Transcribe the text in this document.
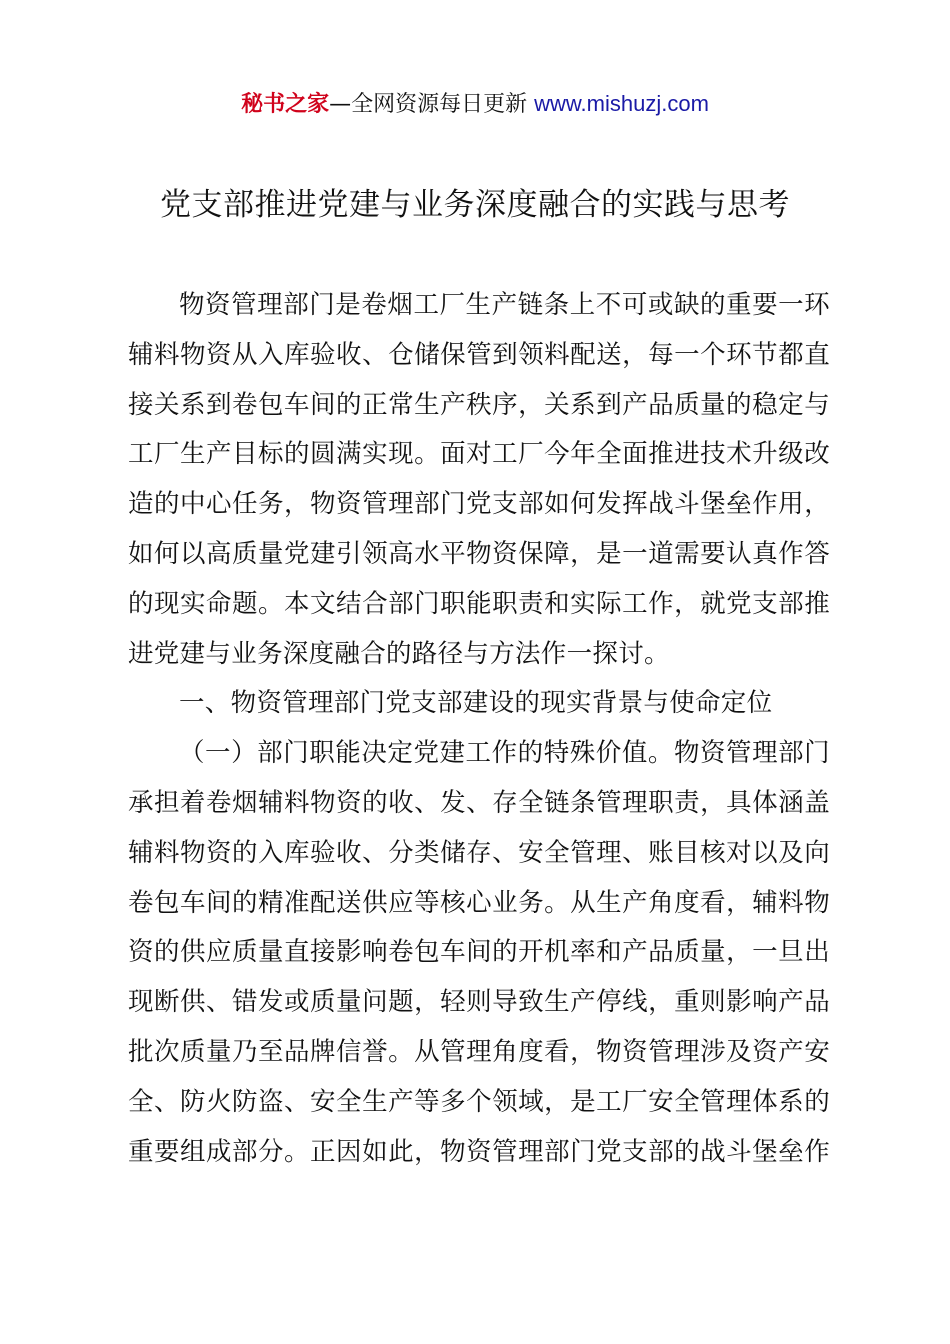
秘书之家—全网资源每日更新 www.mishuzj.com
党支部推进党建与业务深度融合的实践与思考
物资管理部门是卷烟工厂生产链条上不可或缺的重要一环
辅料物资从入库验收、仓储保管到领料配送，每一个环节都直
接关系到卷包车间的正常生产秩序，关系到产品质量的稳定与
工厂生产目标的圆满实现。面对工厂今年全面推进技术升级改
造的中心任务，物资管理部门党支部如何发挥战斗堡垒作用，
如何以高质量党建引领高水平物资保障，是一道需要认真作答
的现实命题。本文结合部门职能职责和实际工作，就党支部推
进党建与业务深度融合的路径与方法作一探讨。
一、物资管理部门党支部建设的现实背景与使命定位
（一）部门职能决定党建工作的特殊价值。物资管理部门
承担着卷烟辅料物资的收、发、存全链条管理职责，具体涵盖
辅料物资的入库验收、分类储存、安全管理、账目核对以及向
卷包车间的精准配送供应等核心业务。从生产角度看，辅料物
资的供应质量直接影响卷包车间的开机率和产品质量，一旦出
现断供、错发或质量问题，轻则导致生产停线，重则影响产品
批次质量乃至品牌信誉。从管理角度看，物资管理涉及资产安
全、防火防盗、安全生产等多个领域，是工厂安全管理体系的
重要组成部分。正因如此，物资管理部门党支部的战斗堡垒作
